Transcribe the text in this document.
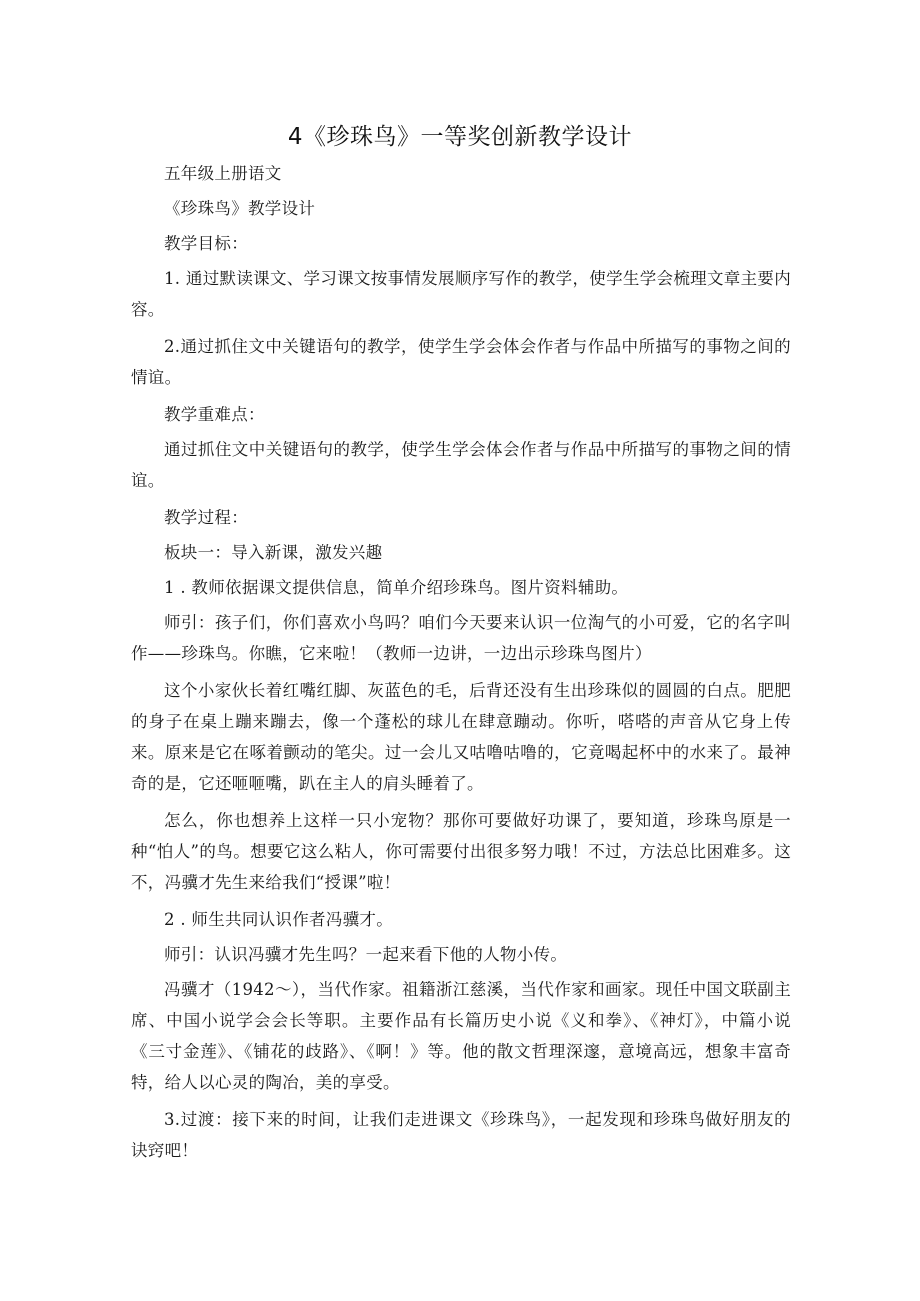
4《珍珠鸟》一等奖创新教学设计

五年级上册语文

《珍珠鸟》教学设计

教学目标：

1. 通过默读课文、学习课文按事情发展顺序写作的教学，使学生学会梳理文章主要内容。

2.通过抓住文中关键语句的教学，使学生学会体会作者与作品中所描写的事物之间的情谊。

教学重难点：

通过抓住文中关键语句的教学，使学生学会体会作者与作品中所描写的事物之间的情谊。

教学过程：

板块一：导入新课，激发兴趣

1 . 教师依据课文提供信息，简单介绍珍珠鸟。图片资料辅助。

师引：孩子们，你们喜欢小鸟吗？咱们今天要来认识一位淘气的小可爱，它的名字叫作——珍珠鸟。你瞧，它来啦！（教师一边讲，一边出示珍珠鸟图片）

这个小家伙长着红嘴红脚、灰蓝色的毛，后背还没有生出珍珠似的圆圆的白点。肥肥的身子在桌上蹦来蹦去，像一个蓬松的球儿在肆意蹦动。你听，嗒嗒的声音从它身上传来。原来是它在啄着颤动的笔尖。过一会儿又咕噜咕噜的，它竟喝起杯中的水来了。最神奇的是，它还咂咂嘴，趴在主人的肩头睡着了。

怎么，你也想养上这样一只小宠物？那你可要做好功课了，要知道，珍珠鸟原是一种“怕人”的鸟。想要它这么粘人，你可需要付出很多努力哦！不过，方法总比困难多。这不，冯骥才先生来给我们“授课”啦！

2 . 师生共同认识作者冯骥才。

师引：认识冯骥才先生吗？一起来看下他的人物小传。

冯骥才（1942～），当代作家。祖籍浙江慈溪，当代作家和画家。现任中国文联副主席、中国小说学会会长等职。主要作品有长篇历史小说《义和拳》、《神灯》，中篇小说《三寸金莲》、《铺花的歧路》、《啊！》等。他的散文哲理深邃，意境高远，想象丰富奇特，给人以心灵的陶冶，美的享受。

3.过渡：接下来的时间，让我们走进课文《珍珠鸟》，一起发现和珍珠鸟做好朋友的诀窍吧！
